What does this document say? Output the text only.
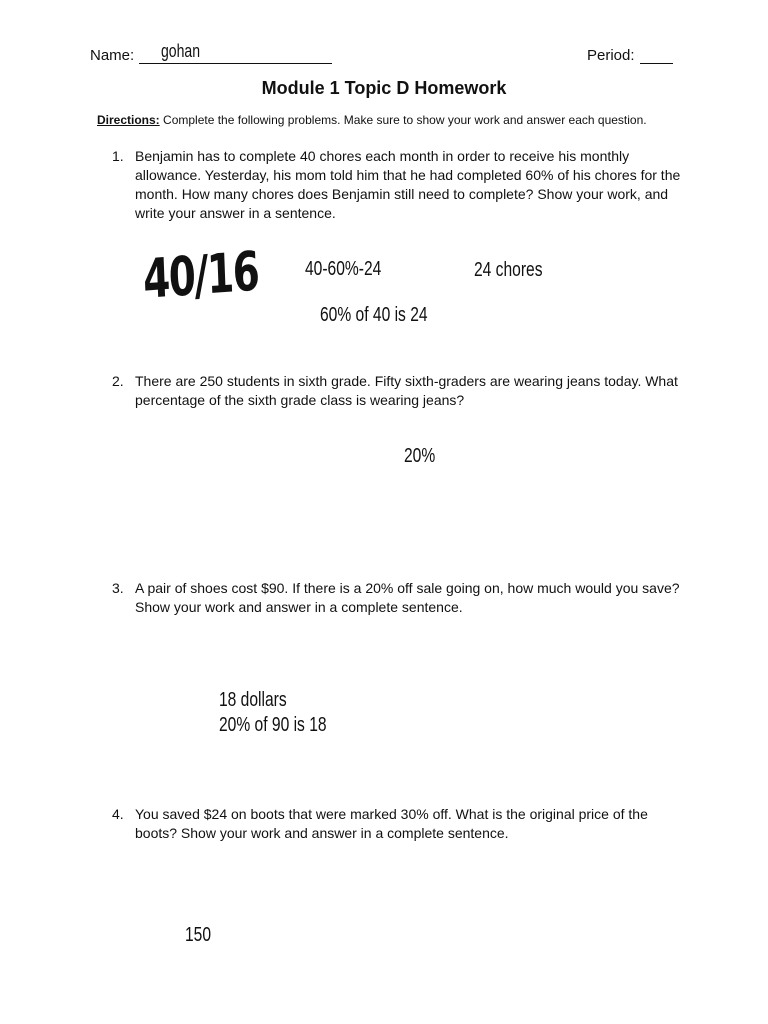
Name: gohan	Period:
Module 1 Topic D Homework
Directions: Complete the following problems. Make sure to show your work and answer each question.
1. Benjamin has to complete 40 chores each month in order to receive his monthly
allowance. Yesterday, his mom told him that he had completed 60% of his chores for the
month. How many chores does Benjamin still need to complete? Show your work, and
write your answer in a sentence.
40/16 40-60%-24	24 chores
60% of 40 is 24
2. There are 250 students in sixth grade. Fifty sixth-graders are wearing jeans today. What
percentage of the sixth grade class is wearing jeans?
20%
3. A pair of shoes cost $90. If there is a 20% off sale going on, how much would you save?
Show your work and answer in a complete sentence.
18 dollars
20% of 90 is 18
4. You saved $24 on boots that were marked 30% off. What is the original price of the
boots? Show your work and answer in a complete sentence.
150
